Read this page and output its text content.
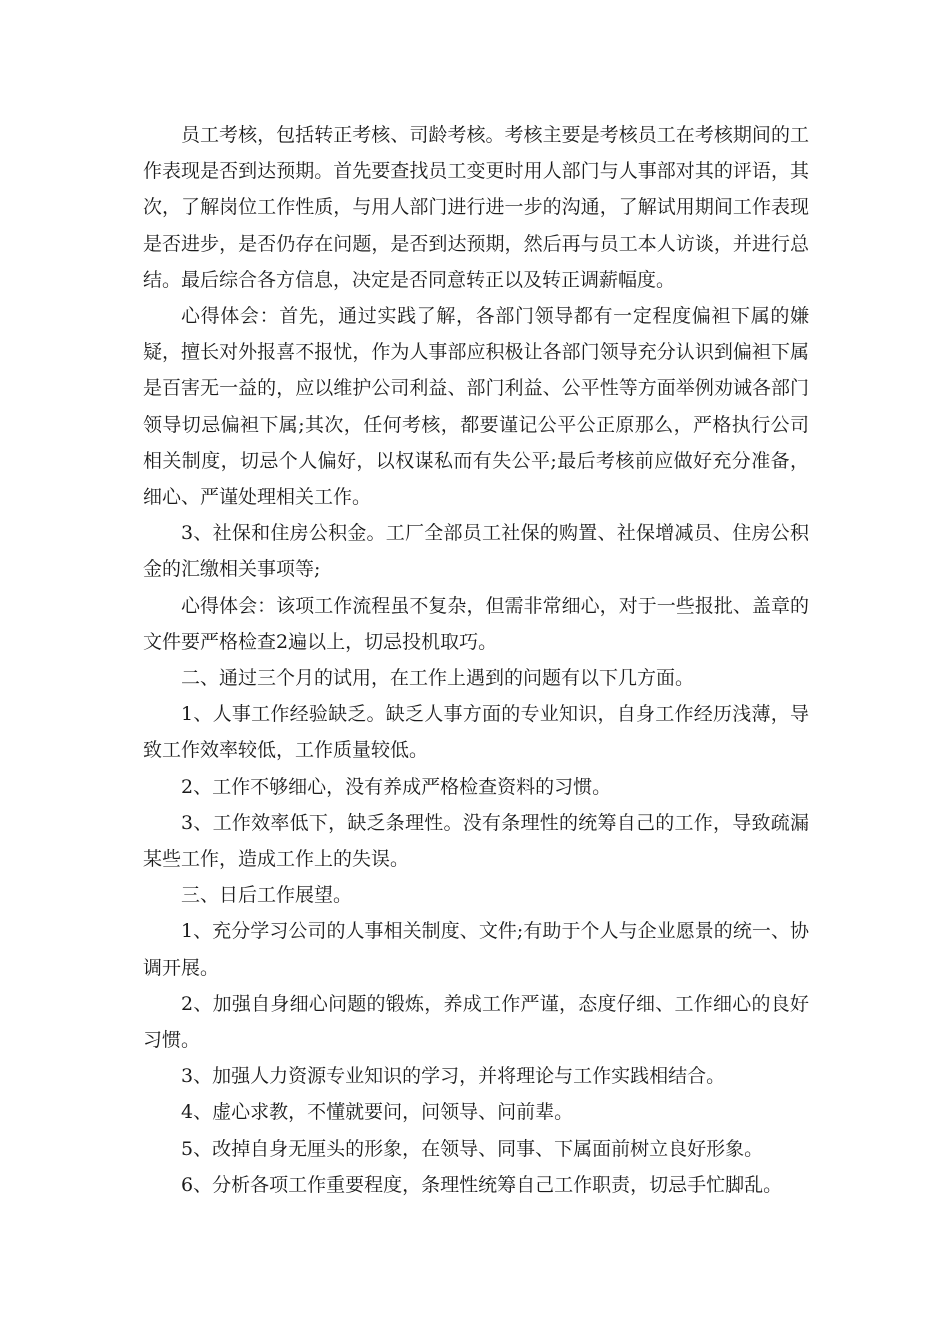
员工考核，包括转正考核、司龄考核。考核主要是考核员工在考核期间的工作表现是否到达预期。首先要查找员工变更时用人部门与人事部对其的评语，其次，了解岗位工作性质，与用人部门进行进一步的沟通，了解试用期间工作表现是否进步，是否仍存在问题，是否到达预期，然后再与员工本人访谈，并进行总结。最后综合各方信息，决定是否同意转正以及转正调薪幅度。

心得体会：首先，通过实践了解，各部门领导都有一定程度偏袒下属的嫌疑，擅长对外报喜不报忧，作为人事部应积极让各部门领导充分认识到偏袒下属是百害无一益的，应以维护公司利益、部门利益、公平性等方面举例劝诫各部门领导切忌偏袒下属;其次，任何考核，都要谨记公平公正原那么，严格执行公司相关制度，切忌个人偏好，以权谋私而有失公平;最后考核前应做好充分准备，细心、严谨处理相关工作。

3、社保和住房公积金。工厂全部员工社保的购置、社保增减员、住房公积金的汇缴相关事项等;

心得体会：该项工作流程虽不复杂，但需非常细心，对于一些报批、盖章的文件要严格检查2遍以上，切忌投机取巧。

二、通过三个月的试用，在工作上遇到的问题有以下几方面。

1、人事工作经验缺乏。缺乏人事方面的专业知识，自身工作经历浅薄，导致工作效率较低，工作质量较低。

2、工作不够细心，没有养成严格检查资料的习惯。

3、工作效率低下，缺乏条理性。没有条理性的统筹自己的工作，导致疏漏某些工作，造成工作上的失误。

三、日后工作展望。

1、充分学习公司的人事相关制度、文件;有助于个人与企业愿景的统一、协调开展。

2、加强自身细心问题的锻炼，养成工作严谨，态度仔细、工作细心的良好习惯。

3、加强人力资源专业知识的学习，并将理论与工作实践相结合。

4、虚心求教，不懂就要问，问领导、问前辈。

5、改掉自身无厘头的形象，在领导、同事、下属面前树立良好形象。

6、分析各项工作重要程度，条理性统筹自己工作职责，切忌手忙脚乱。
